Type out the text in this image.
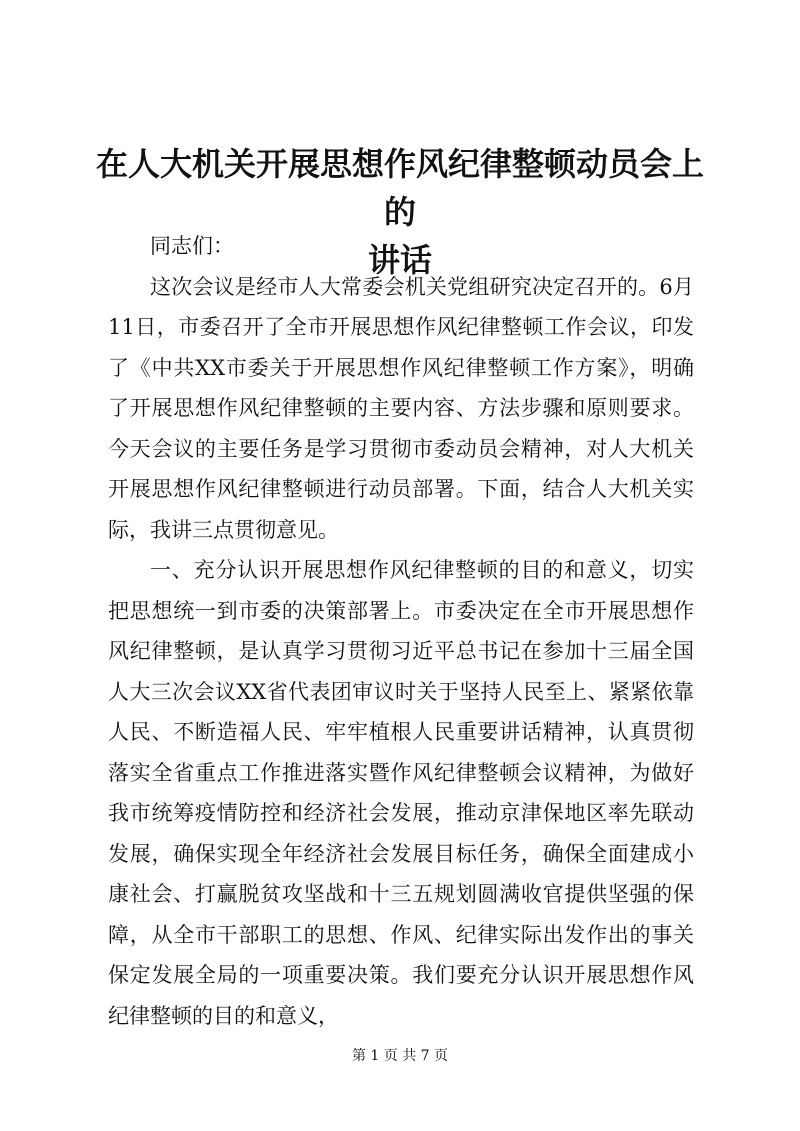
在人大机关开展思想作风纪律整顿动员会上的
讲话

同志们：

这次会议是经市人大常委会机关党组研究决定召开的。6月11日，市委召开了全市开展思想作风纪律整顿工作会议，印发了《中共XX市委关于开展思想作风纪律整顿工作方案》，明确了开展思想作风纪律整顿的主要内容、方法步骤和原则要求。今天会议的主要任务是学习贯彻市委动员会精神，对人大机关开展思想作风纪律整顿进行动员部署。下面，结合人大机关实际，我讲三点贯彻意见。

一、充分认识开展思想作风纪律整顿的目的和意义，切实把思想统一到市委的决策部署上。市委决定在全市开展思想作风纪律整顿，是认真学习贯彻习近平总书记在参加十三届全国人大三次会议XX省代表团审议时关于坚持人民至上、紧紧依靠人民、不断造福人民、牢牢植根人民重要讲话精神，认真贯彻落实全省重点工作推进落实暨作风纪律整顿会议精神，为做好我市统筹疫情防控和经济社会发展，推动京津保地区率先联动发展，确保实现全年经济社会发展目标任务，确保全面建成小康社会、打赢脱贫攻坚战和十三五规划圆满收官提供坚强的保障，从全市干部职工的思想、作风、纪律实际出发作出的事关保定发展全局的一项重要决策。我们要充分认识开展思想作风纪律整顿的目的和意义，

第 1 页 共 7 页
